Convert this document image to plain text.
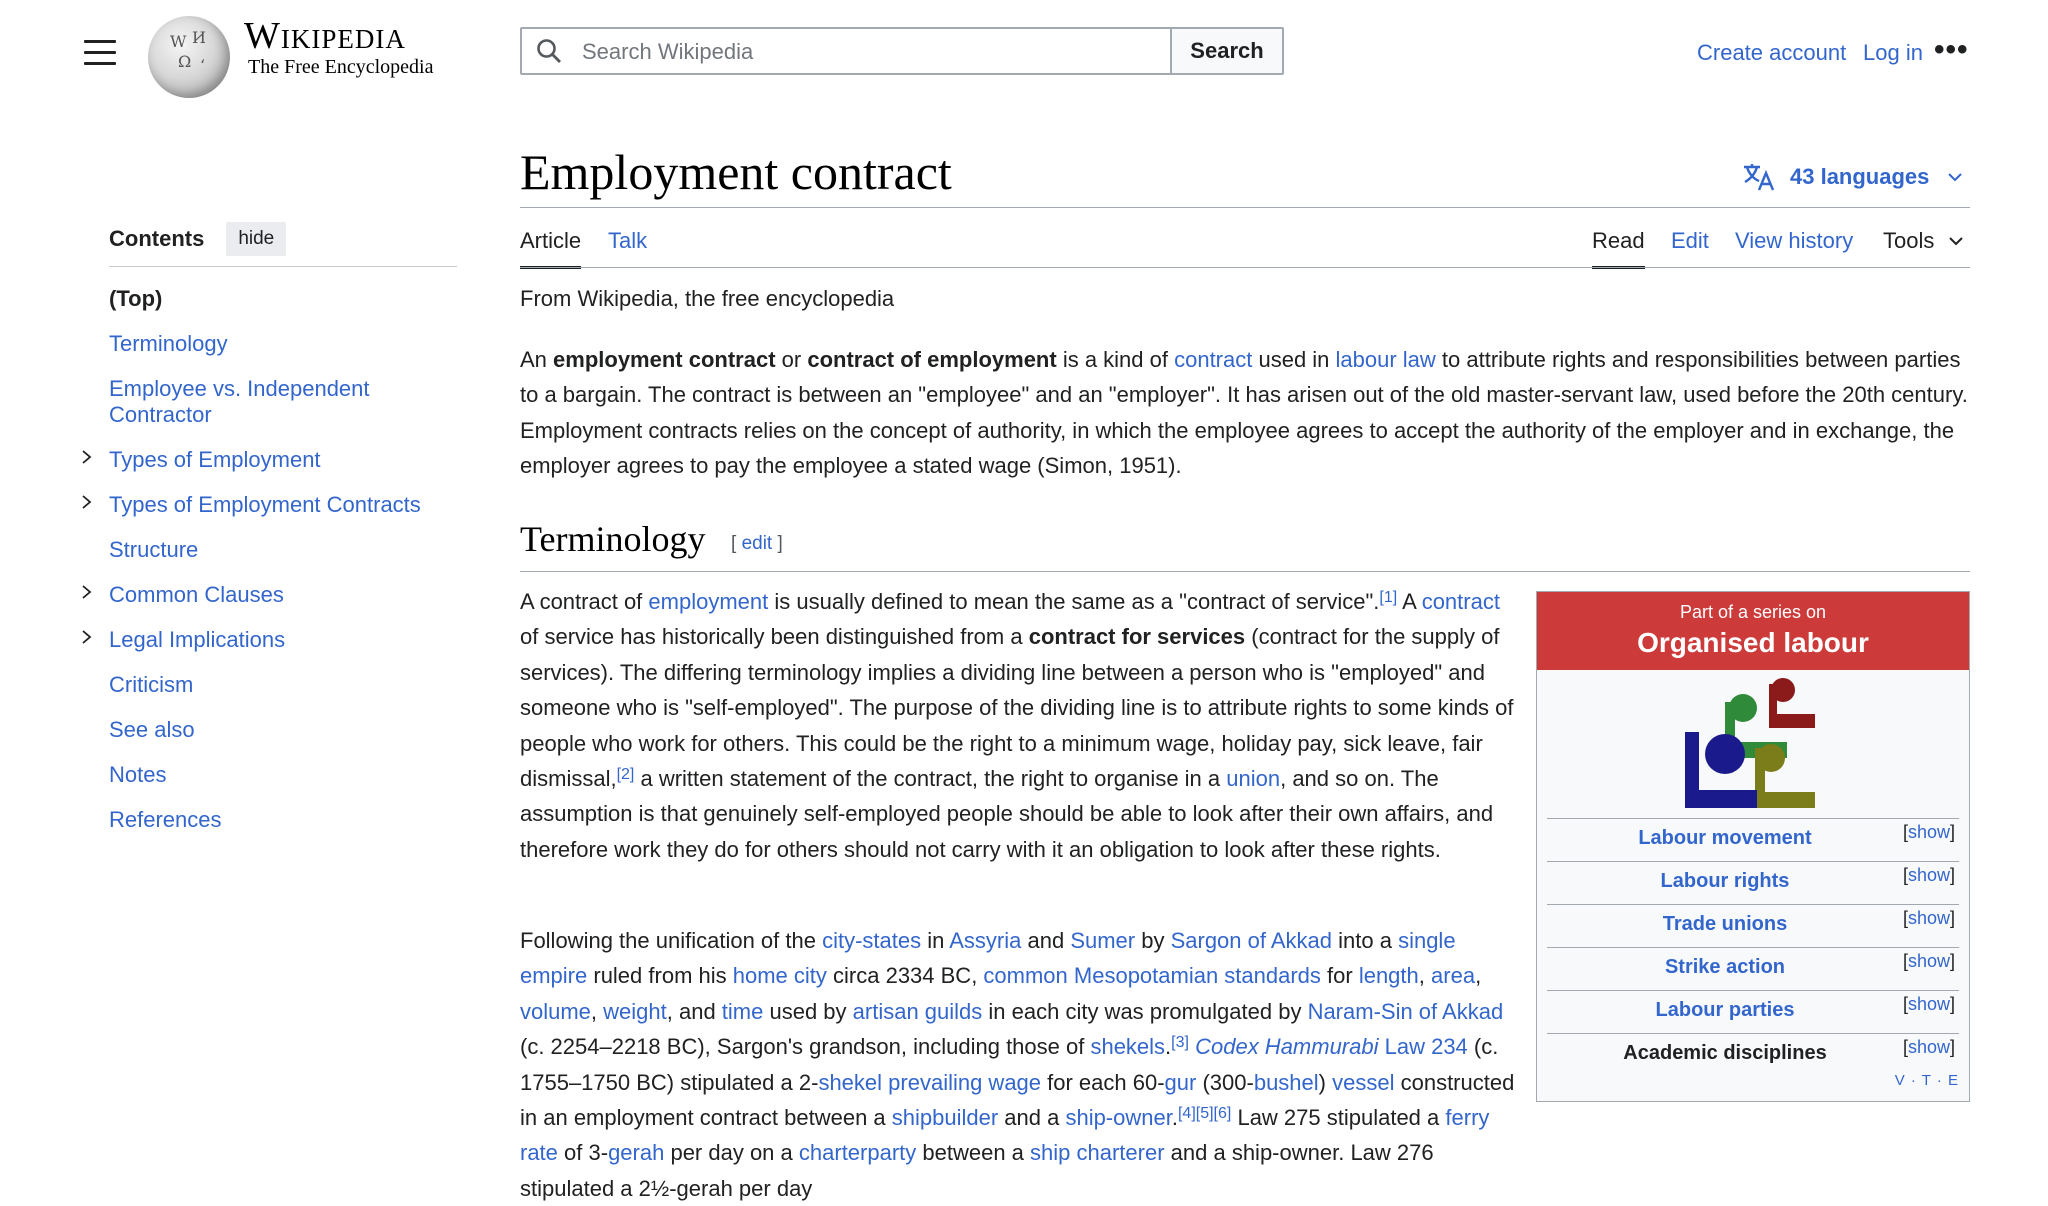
W И
Ω ʻ
Wikipedia
The Free Encyclopedia
Search Wikipedia
Search	Create account Log in •••
Contents	hide
(Top)
Terminology
Employee vs. Independent Contractor
Types of Employment
Types of Employment Contracts
Structure
Common Clauses
Legal Implications
Criticism
See also
Notes
References
Employment contract	43 languages
Article Talk	Read Edit View history Tools
From Wikipedia, the free encyclopedia

An employment contract or contract of employment is a kind of contract used in labour law to attribute rights and responsibilities between parties to a bargain. The contract is between an "employee" and an "employer". It has arisen out of the old master-servant law, used before the 20th century. Employment contracts relies on the concept of authority, in which the employee agrees to accept the authority of the employer and in exchange, the employer agrees to pay the employee a stated wage (Simon, 1951).

Terminology [ edit ]

A contract of employment is usually defined to mean the same as a "contract of service".[1] A contract of service has historically been distinguished from a contract for services (contract for the supply of services). The differing terminology implies a dividing line between a person who is "employed" and someone who is "self-employed". The purpose of the dividing line is to attribute rights to some kinds of people who work for others. This could be the right to a minimum wage, holiday pay, sick leave, fair dismissal,[2] a written statement of the contract, the right to organise in a union, and so on. The assumption is that genuinely self-employed people should be able to look after their own affairs, and therefore work they do for others should not carry with it an obligation to look after these rights.

Following the unification of the city-states in Assyria and Sumer by Sargon of Akkad into a single empire ruled from his home city circa 2334 BC, common Mesopotamian standards for length, area, volume, weight, and time used by artisan guilds in each city was promulgated by Naram-Sin of Akkad (c. 2254–2218 BC), Sargon's grandson, including those of shekels.[3] Codex Hammurabi Law 234 (c. 1755–1750 BC) stipulated a 2-shekel prevailing wage for each 60-gur (300-bushel) vessel constructed in an employment contract between a shipbuilder and a ship-owner.[4][5][6] Law 275 stipulated a ferry rate of 3-gerah per day on a charterparty between a ship charterer and a ship-owner. Law 276 stipulated a 2½-gerah per day

Part of a series on
Organised labour
Labour movement	[show]
Labour rights	[show]
Trade unions	[show]
Strike action	[show]
Labour parties	[show]
Academic disciplines	[show]
V · T · E
